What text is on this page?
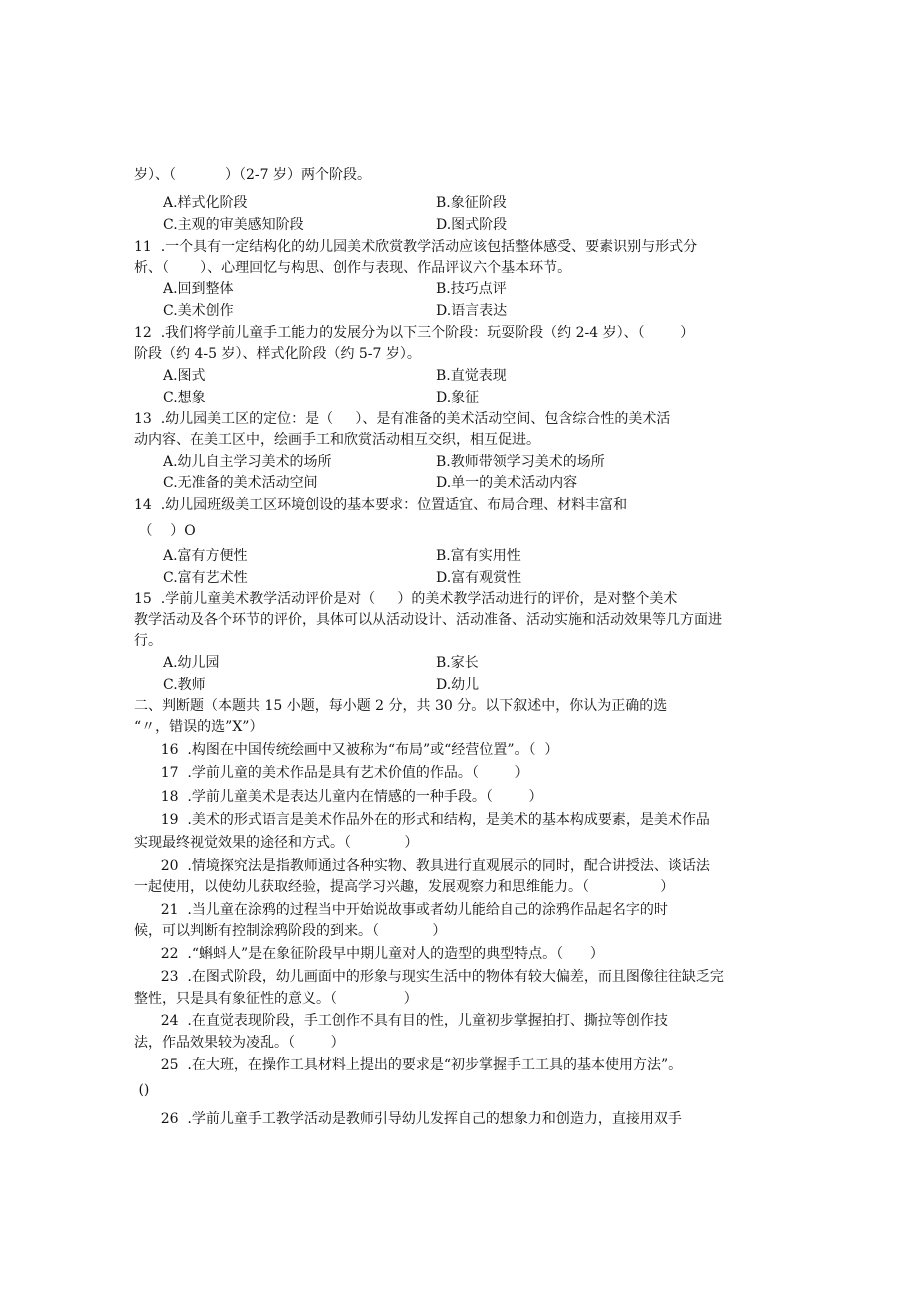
岁）、（           ）（2-7 岁）两个阶段。
A.样式化阶段	B.象征阶段
C.主观的审美感知阶段	D.图式阶段
11  .一个具有一定结构化的幼儿园美术欣赏教学活动应该包括整体感受、要素识别与形式分
析、（       ）、心理回忆与构思、创作与表现、作品评议六个基本环节。
A.回到整体	B.技巧点评
C.美术创作	D.语言表达
12  .我们将学前儿童手工能力的发展分为以下三个阶段：玩耍阶段（约 2-4 岁）、（        ）
阶段（约 4-5 岁）、样式化阶段（约 5-7 岁）。
A.图式	B.直觉表现
C.想象	D.象征
13  .幼儿园美工区的定位：是（     ）、是有准备的美术活动空间、包含综合性的美术活
动内容、在美工区中，绘画手工和欣赏活动相互交织，相互促进。
A.幼儿自主学习美术的场所	B.教师带领学习美术的场所
C.无准备的美术活动空间	D.单一的美术活动内容
14  .幼儿园班级美工区环境创设的基本要求：位置适宜、布局合理、材料丰富和
（    ）O
A.富有方便性	B.富有实用性
C.富有艺术性	D.富有观赏性
15  .学前儿童美术教学活动评价是对（     ）的美术教学活动进行的评价，是对整个美术
教学活动及各个环节的评价，具体可以从活动设计、活动准备、活动实施和活动效果等几方面进
行。
A.幼儿园	B.家长
C.教师	D.幼儿
二、判断题（本题共 15 小题，每小题 2 分，共 30 分。以下叙述中，你认为正确的选
“〃，错误的选”X”）
16  .构图在中国传统绘画中又被称为“布局”或“经营位置”。（  ）
17  .学前儿童的美术作品是具有艺术价值的作品。（        ）
18  .学前儿童美术是表达儿童内在情感的一种手段。（        ）
19  .美术的形式语言是美术作品外在的形式和结构，是美术的基本构成要素，是美术作品
实现最终视觉效果的途径和方式。（            ）
20  .情境探究法是指教师通过各种实物、教具进行直观展示的同时，配合讲授法、谈话法
一起使用，以使幼儿获取经验，提高学习兴趣，发展观察力和思维能力。（                ）
21  .当儿童在涂鸦的过程当中开始说故事或者幼儿能给自己的涂鸦作品起名字的时
候，可以判断有控制涂鸦阶段的到来。（            ）
22  .“蝌蚪人”是在象征阶段早中期儿童对人的造型的典型特点。（      ）
23  .在图式阶段，幼儿画面中的形象与现实生活中的物体有较大偏差，而且图像往往缺乏完
整性，只是具有象征性的意义。（               ）
24  .在直觉表现阶段，手工创作不具有目的性，儿童初步掌握拍打、撕拉等创作技
法，作品效果较为凌乱。（        ）
25  .在大班，在操作工具材料上提出的要求是“初步掌握手工工具的基本使用方法”。
()
26  .学前儿童手工教学活动是教师引导幼儿发挥自己的想象力和创造力，直接用双手
